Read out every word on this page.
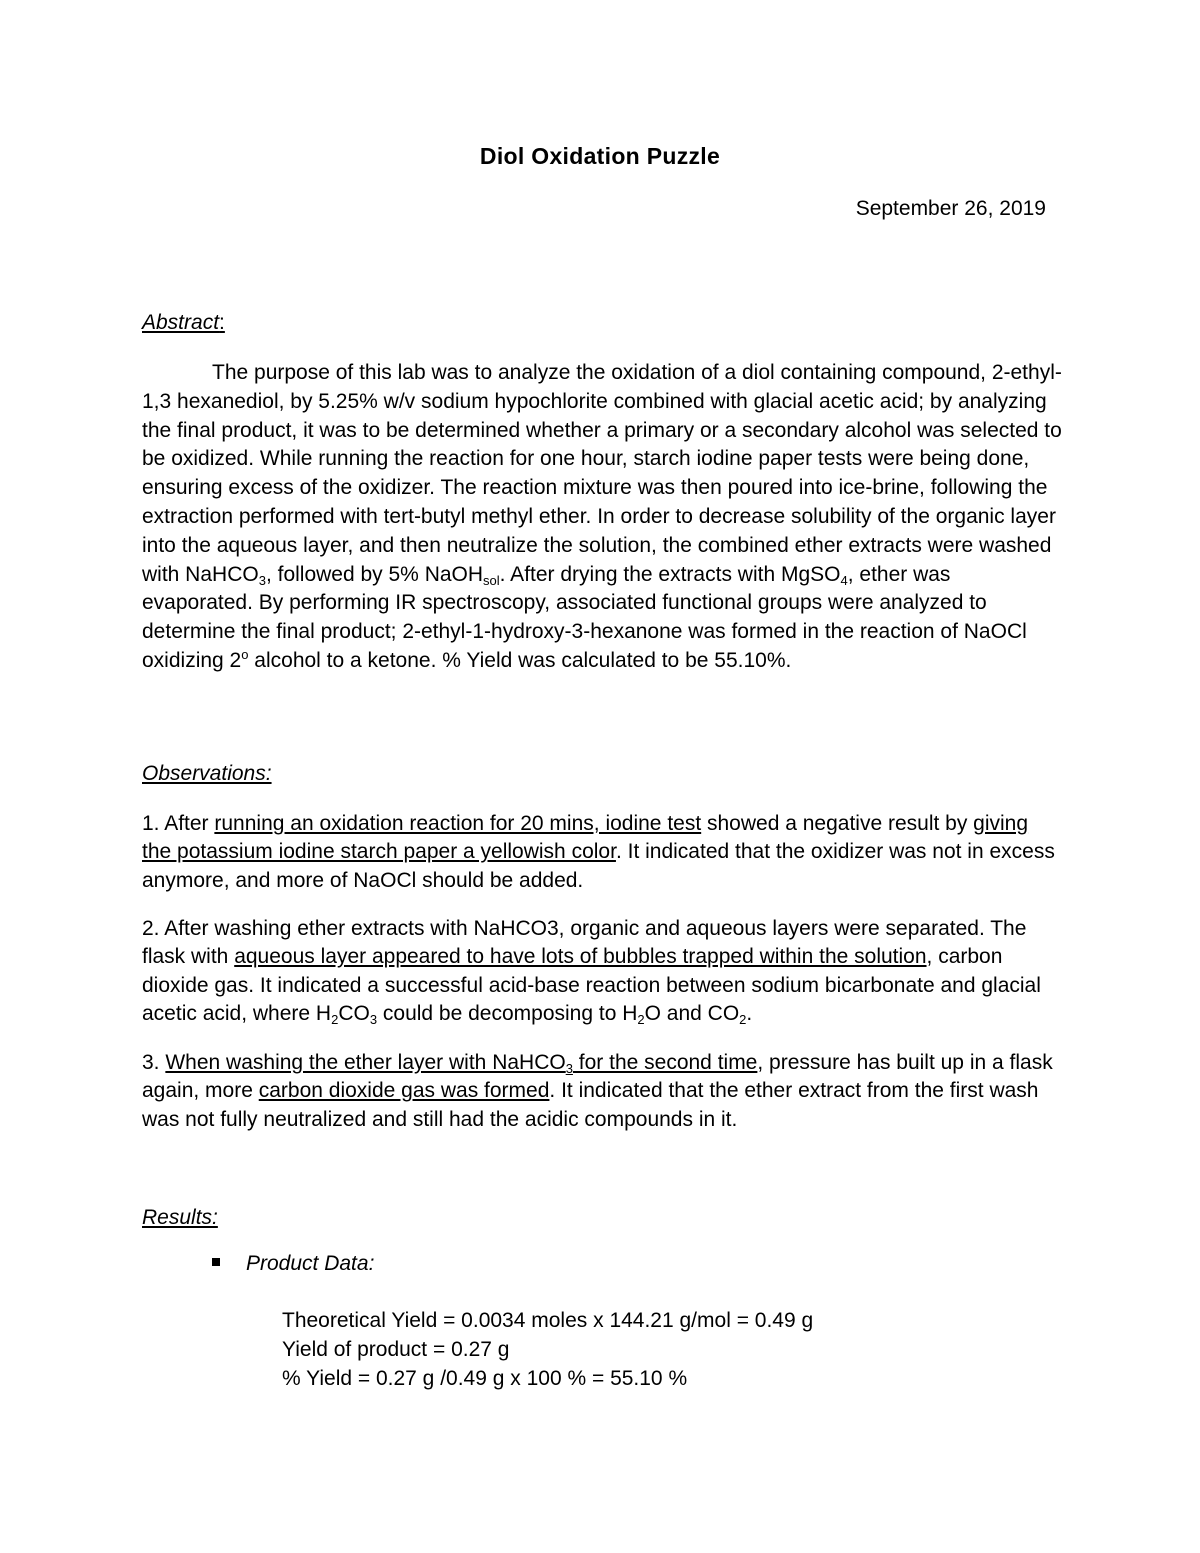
Diol Oxidation Puzzle
September 26, 2019
Abstract:
The purpose of this lab was to analyze the oxidation of a diol containing compound, 2-ethyl-1,3 hexanediol, by 5.25% w/v sodium hypochlorite combined with glacial acetic acid; by analyzing the final product, it was to be determined whether a primary or a secondary alcohol was selected to be oxidized. While running the reaction for one hour, starch iodine paper tests were being done, ensuring excess of the oxidizer. The reaction mixture was then poured into ice-brine, following the extraction performed with tert-butyl methyl ether. In order to decrease solubility of the organic layer into the aqueous layer, and then neutralize the solution, the combined ether extracts were washed with NaHCO$_3$, followed by 5% NaOH$_{sol}$. After drying the extracts with MgSO$_4$, ether was evaporated. By performing IR spectroscopy, associated functional groups were analyzed to determine the final product; 2-ethyl-1-hydroxy-3-hexanone was formed in the reaction of NaOCl oxidizing 2$^o$ alcohol to a ketone. % Yield was calculated to be 55.10%.
Observations:
1. After running an oxidation reaction for 20 mins, iodine test showed a negative result by giving the potassium iodine starch paper a yellowish color. It indicated that the oxidizer was not in excess anymore, and more of NaOCl should be added.
2. After washing ether extracts with NaHCO3, organic and aqueous layers were separated. The flask with aqueous layer appeared to have lots of bubbles trapped within the solution, carbon dioxide gas. It indicated a successful acid-base reaction between sodium bicarbonate and glacial acetic acid, where $H_2CO_3$ could be decomposing to $H_2O$ and $CO_2$.
3. When washing the ether layer with NaHCO$_3$ for the second time, pressure has built up in a flask again, more carbon dioxide gas was formed. It indicated that the ether extract from the first wash was not fully neutralized and still had the acidic compounds in it.
Results:
Product Data:
Theoretical Yield = 0.0034 moles x 144.21 g/mol = 0.49 g
Yield of product = 0.27 g
% Yield = 0.27 g /0.49 g x 100 % = 55.10 %
